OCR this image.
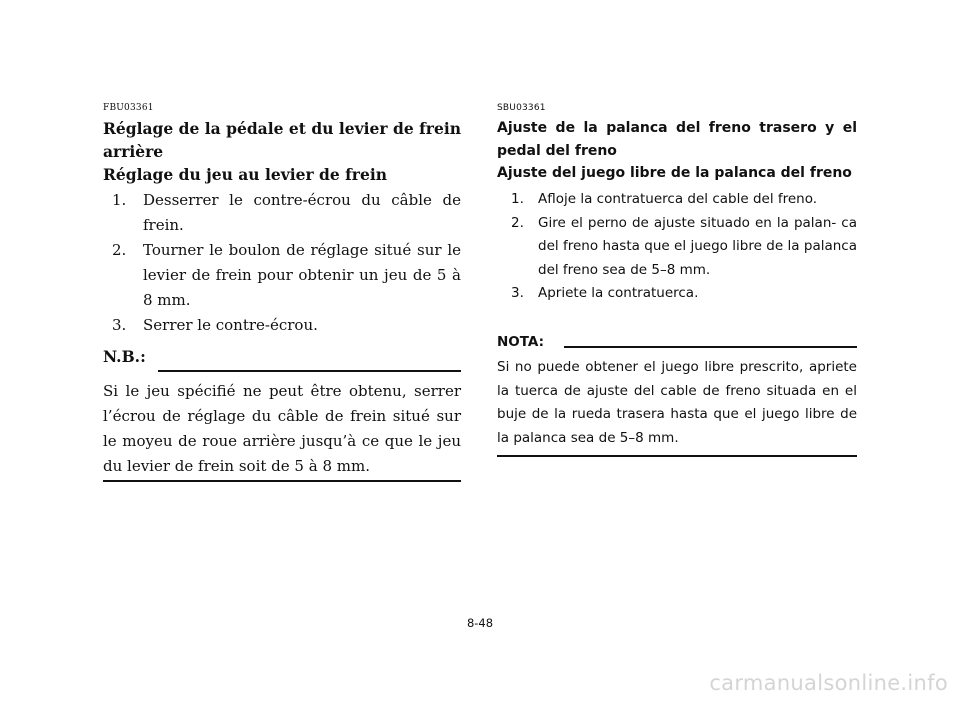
FBU03361

Réglage de la pédale et du levier de frein arrière
Réglage du jeu au levier de frein
1. Desserrer le contre-écrou du câble de frein.
2. Tourner le boulon de réglage situé sur le levier de frein pour obtenir un jeu de 5 à 8 mm.
3. Serrer le contre-écrou.

N.B.:

Si le jeu spécifié ne peut être obtenu, serrer l’écrou de réglage du câble de frein situé sur le moyeu de roue arrière jusqu’à ce que le jeu du levier de frein soit de 5 à 8 mm.

SBU03361

Ajuste de la palanca del freno trasero y el pedal del freno
Ajuste del juego libre de la palanca del freno
1. Afloje la contratuerca del cable del freno.
2. Gire el perno de ajuste situado en la palan- ca del freno hasta que el juego libre de la palanca del freno sea de 5–8 mm.
3. Apriete la contratuerca.

NOTA:

Si no puede obtener el juego libre prescrito, apriete la tuerca de ajuste del cable de freno situada en el buje de la rueda trasera hasta que el juego libre de la palanca sea de 5–8 mm.

8-48

carmanualsonline.info
